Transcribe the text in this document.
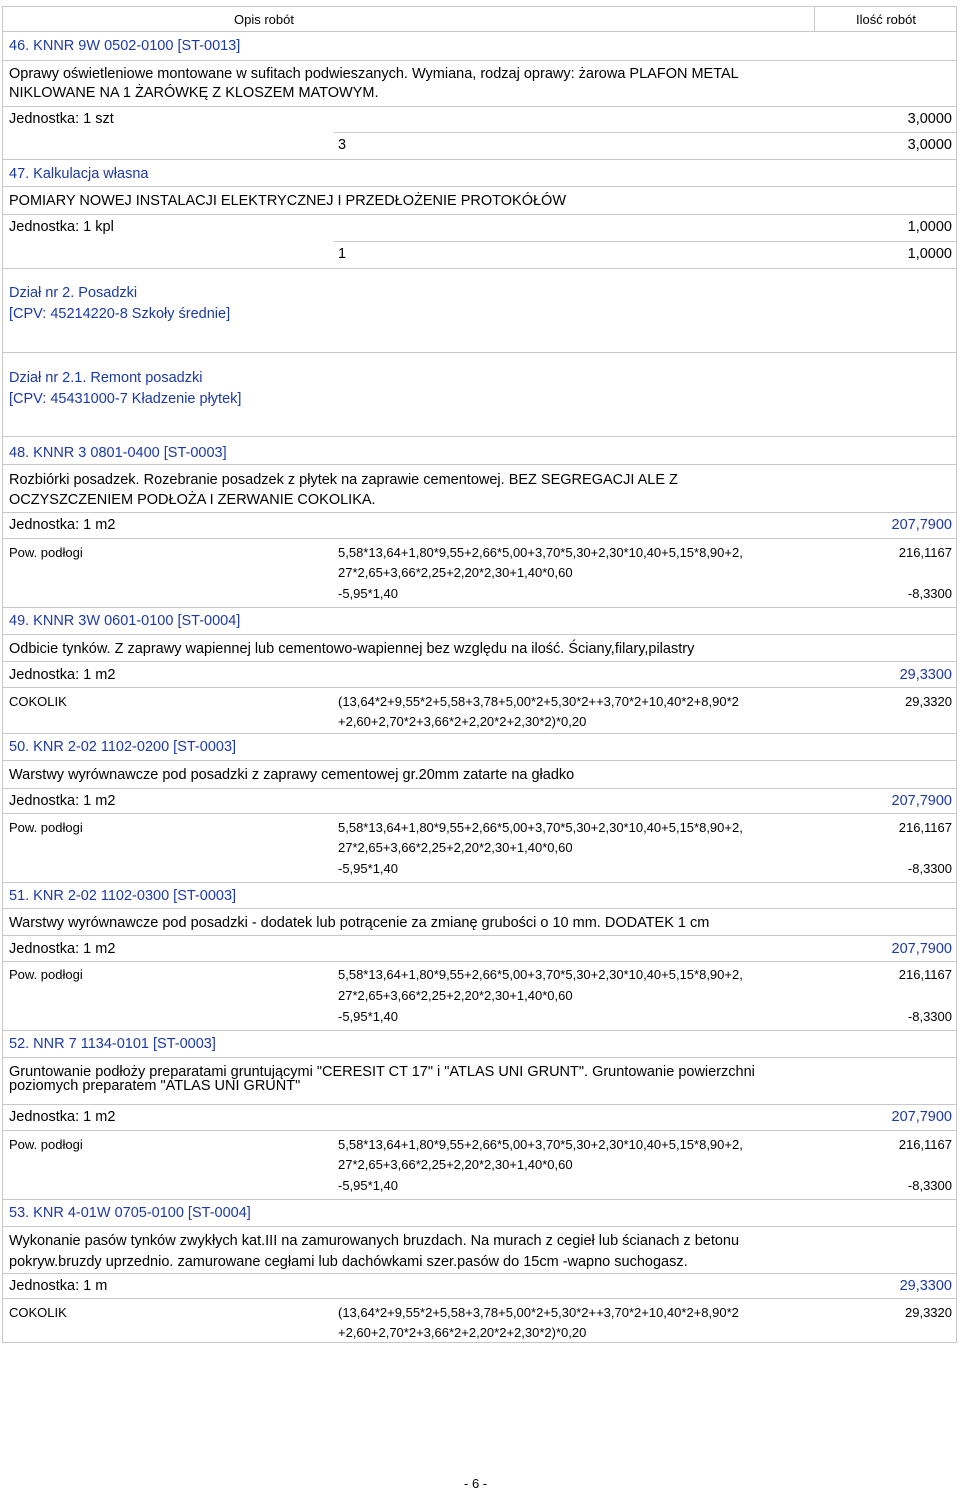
Opis robót	Ilość robót
46. KNNR 9W 0502-0100 [ST-0013]
Oprawy oświetleniowe montowane w sufitach podwieszanych. Wymiana, rodzaj oprawy: żarowa PLAFON METAL
NIKLOWANE NA 1 ŻARÓWKĘ Z KLOSZEM MATOWYM.
Jednostka: 1 szt	3,0000
3	3,0000
47. Kalkulacja własna
POMIARY NOWEJ INSTALACJI ELEKTRYCZNEJ I PRZEDŁOŻENIE PROTOKÓŁÓW
Jednostka: 1 kpl	1,0000
1	1,0000
Dział nr 2. Posadzki
[CPV: 45214220-8 Szkoły średnie]
Dział nr 2.1. Remont posadzki
[CPV: 45431000-7 Kładzenie płytek]
48. KNNR 3 0801-0400 [ST-0003]
Rozbiórki posadzek. Rozebranie posadzek z płytek na zaprawie cementowej. BEZ SEGREGACJI ALE Z
OCZYSZCZENIEM PODŁOŻA I ZERWANIE COKOLIKA.
Jednostka: 1 m2	207,7900
Pow. podłogi	5,58*13,64+1,80*9,55+2,66*5,00+3,70*5,30+2,30*10,40+5,15*8,90+2,	216,1167
27*2,65+3,66*2,25+2,20*2,30+1,40*0,60
-5,95*1,40	-8,3300
49. KNNR 3W 0601-0100 [ST-0004]
Odbicie tynków. Z zaprawy wapiennej lub cementowo-wapiennej bez względu na ilość. Ściany,filary,pilastry
Jednostka: 1 m2	29,3300
COKOLIK	(13,64*2+9,55*2+5,58+3,78+5,00*2+5,30*2++3,70*2+10,40*2+8,90*2	29,3320
+2,60+2,70*2+3,66*2+2,20*2+2,30*2)*0,20
50. KNR 2-02 1102-0200 [ST-0003]
Warstwy wyrównawcze pod posadzki z zaprawy cementowej gr.20mm zatarte na gładko
Jednostka: 1 m2	207,7900
Pow. podłogi	5,58*13,64+1,80*9,55+2,66*5,00+3,70*5,30+2,30*10,40+5,15*8,90+2,	216,1167
27*2,65+3,66*2,25+2,20*2,30+1,40*0,60
-5,95*1,40	-8,3300
51. KNR 2-02 1102-0300 [ST-0003]
Warstwy wyrównawcze pod posadzki - dodatek lub potrącenie za zmianę grubości o 10 mm. DODATEK 1 cm
Jednostka: 1 m2	207,7900
Pow. podłogi	5,58*13,64+1,80*9,55+2,66*5,00+3,70*5,30+2,30*10,40+5,15*8,90+2,	216,1167
27*2,65+3,66*2,25+2,20*2,30+1,40*0,60
-5,95*1,40	-8,3300
52. NNR 7 1134-0101 [ST-0003]
Gruntowanie podłoży preparatami gruntującymi "CERESIT CT 17" i "ATLAS UNI GRUNT". Gruntowanie powierzchni
poziomych preparatem "ATLAS UNI GRUNT"
Jednostka: 1 m2	207,7900
Pow. podłogi	5,58*13,64+1,80*9,55+2,66*5,00+3,70*5,30+2,30*10,40+5,15*8,90+2,	216,1167
27*2,65+3,66*2,25+2,20*2,30+1,40*0,60
-5,95*1,40	-8,3300
53. KNR 4-01W 0705-0100 [ST-0004]
Wykonanie pasów tynków zwykłych kat.III na zamurowanych bruzdach. Na murach z cegieł lub ścianach z betonu
pokryw.bruzdy uprzednio. zamurowane cegłami lub dachówkami szer.pasów do 15cm -wapno suchogasz.
Jednostka: 1 m	29,3300
COKOLIK	(13,64*2+9,55*2+5,58+3,78+5,00*2+5,30*2++3,70*2+10,40*2+8,90*2	29,3320
+2,60+2,70*2+3,66*2+2,20*2+2,30*2)*0,20
- 6 -
